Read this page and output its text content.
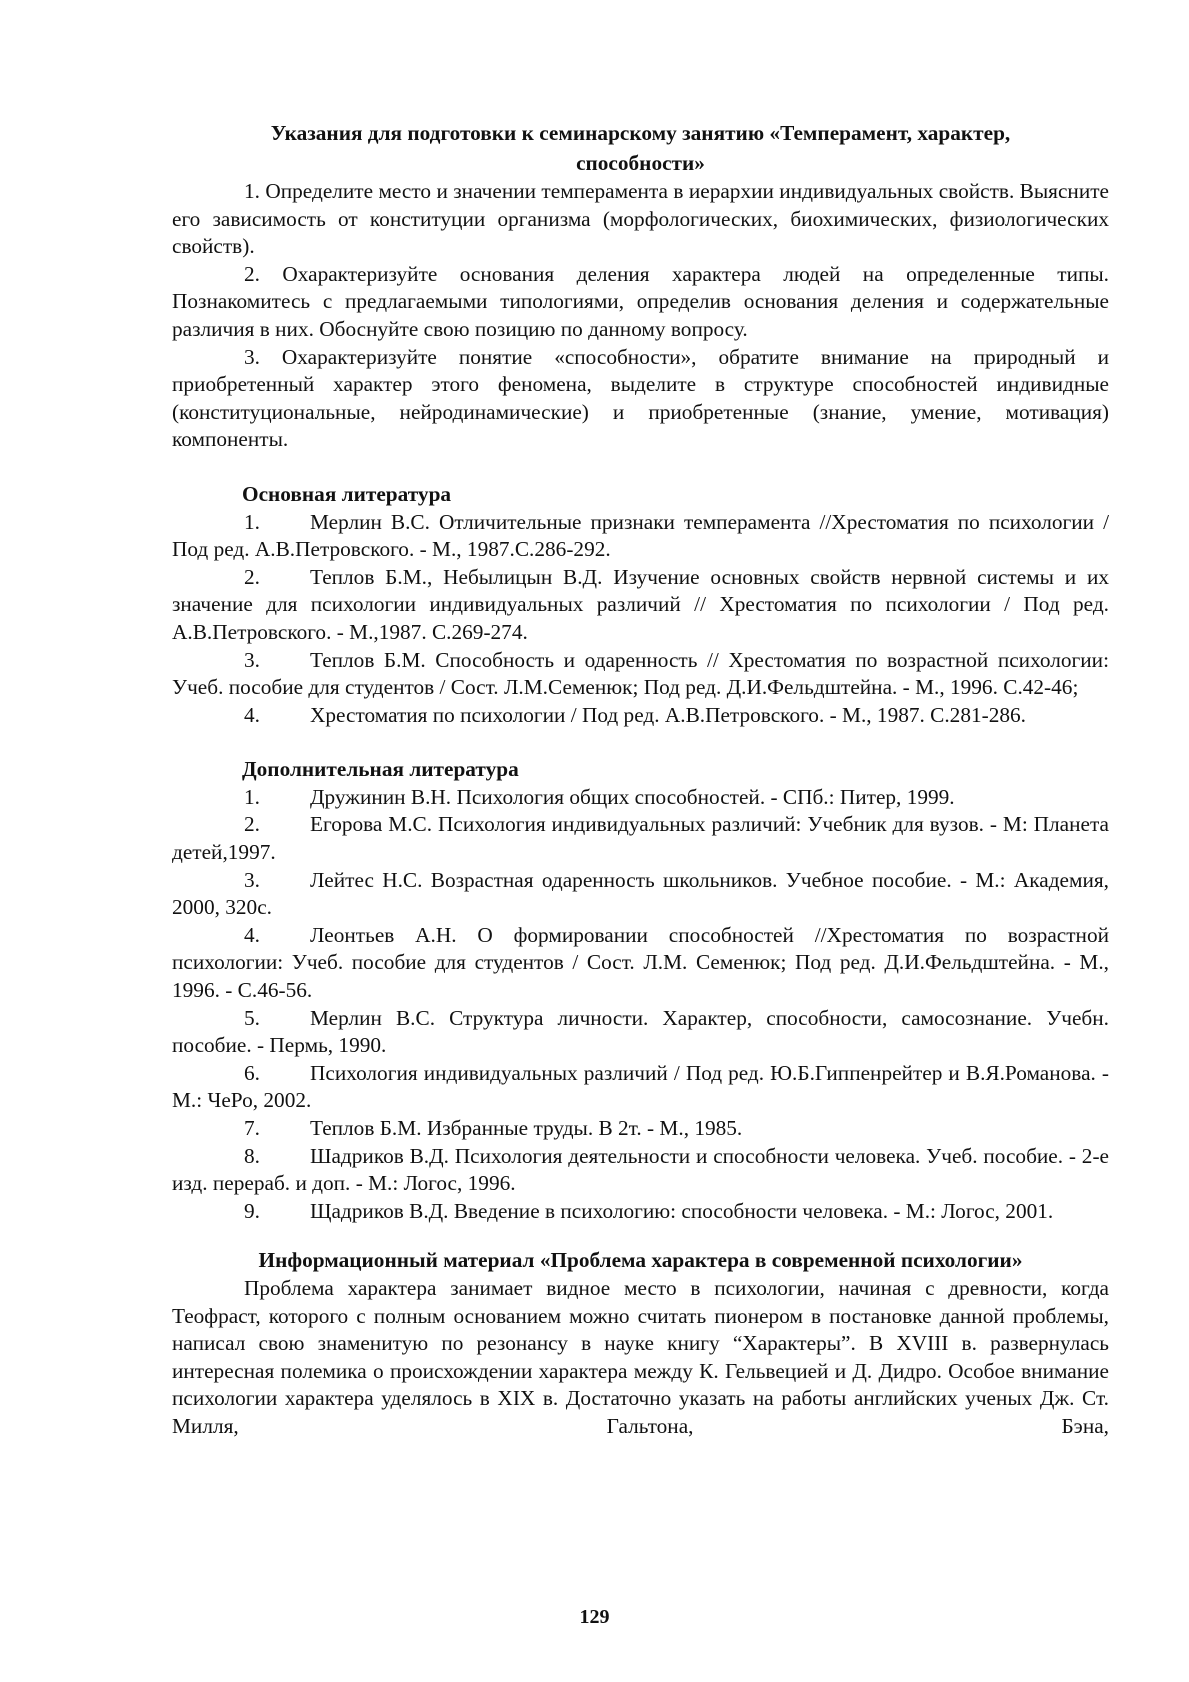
Указания для подготовки к семинарскому занятию «Темперамент, характер,

способности»

1. Определите место и значении темперамента в иерархии индивидуальных свойств. Выясните его зависимость от конституции организма (морфологических, биохимических, физиологических свойств).

2. Охарактеризуйте основания деления характера людей на определенные типы. Познакомитесь с предлагаемыми типологиями, определив основания деления и содержательные различия в них. Обоснуйте свою позицию по данному вопросу.

3. Охарактеризуйте понятие «способности», обратите внимание на природный и приобретенный характер этого феномена, выделите в структуре способностей индивидные (конституциональные, нейродинамические) и приобретенные (знание, умение, мотивация) компоненты.

Основная литература

1. Мерлин В.С. Отличительные признаки темперамента //Хрестоматия по психологии / Под ред. А.В.Петровского. - М., 1987.С.286-292.

2. Теплов Б.М., Небылицын В.Д. Изучение основных свойств нервной системы и их значение для психологии индивидуальных различий // Хрестоматия по психологии / Под ред. А.В.Петровского. - М.,1987. С.269-274.

3. Теплов Б.М. Способность и одаренность // Хрестоматия по возрастной психологии: Учеб. пособие для студентов / Сост. Л.М.Семенюк; Под ред. Д.И.Фельдштейна. - М., 1996. С.42-46;

4. Хрестоматия по психологии / Под ред. А.В.Петровского. - М., 1987. С.281-286.

Дополнительная литература

1. Дружинин В.Н. Психология общих способностей. - СПб.: Питер, 1999.

2. Егорова М.С. Психология индивидуальных различий: Учебник для вузов. - М: Планета детей,1997.

3. Лейтес Н.С. Возрастная одаренность школьников. Учебное пособие. - М.: Академия, 2000, 320с.

4. Леонтьев А.Н. О формировании способностей //Хрестоматия по возрастной психологии: Учеб. пособие для студентов / Сост. Л.М. Семенюк; Под ред. Д.И.Фельдштейна. - М., 1996. - С.46-56.

5. Мерлин В.С. Структура личности. Характер, способности, самосознание. Учебн. пособие. - Пермь, 1990.

6. Психология индивидуальных различий / Под ред. Ю.Б.Гиппенрейтер и В.Я.Романова. - М.: ЧеРо, 2002.

7. Теплов Б.М. Избранные труды. В 2т. - М., 1985.

8. Шадриков В.Д. Психология деятельности и способности человека. Учеб. пособие. - 2-е изд. перераб. и доп. - М.: Логос, 1996.

9. Щадриков В.Д. Введение в психологию: способности человека. - М.: Логос, 2001.

Информационный материал «Проблема характера в современной психологии»

Проблема характера занимает видное место в психологии, начиная с древности, когда Теофраст, которого с полным основанием можно считать пионером в постановке данной проблемы, написал свою знаменитую по резонансу в науке книгу “Характеры”. В XVIII в. развернулась интересная полемика о происхождении характера между К. Гельвецией и Д. Дидро. Особое внимание психологии характера уделялось в XIX в. Достаточно указать на работы английских ученых Дж. Ст. Милля, Гальтона, Бэна,

129
